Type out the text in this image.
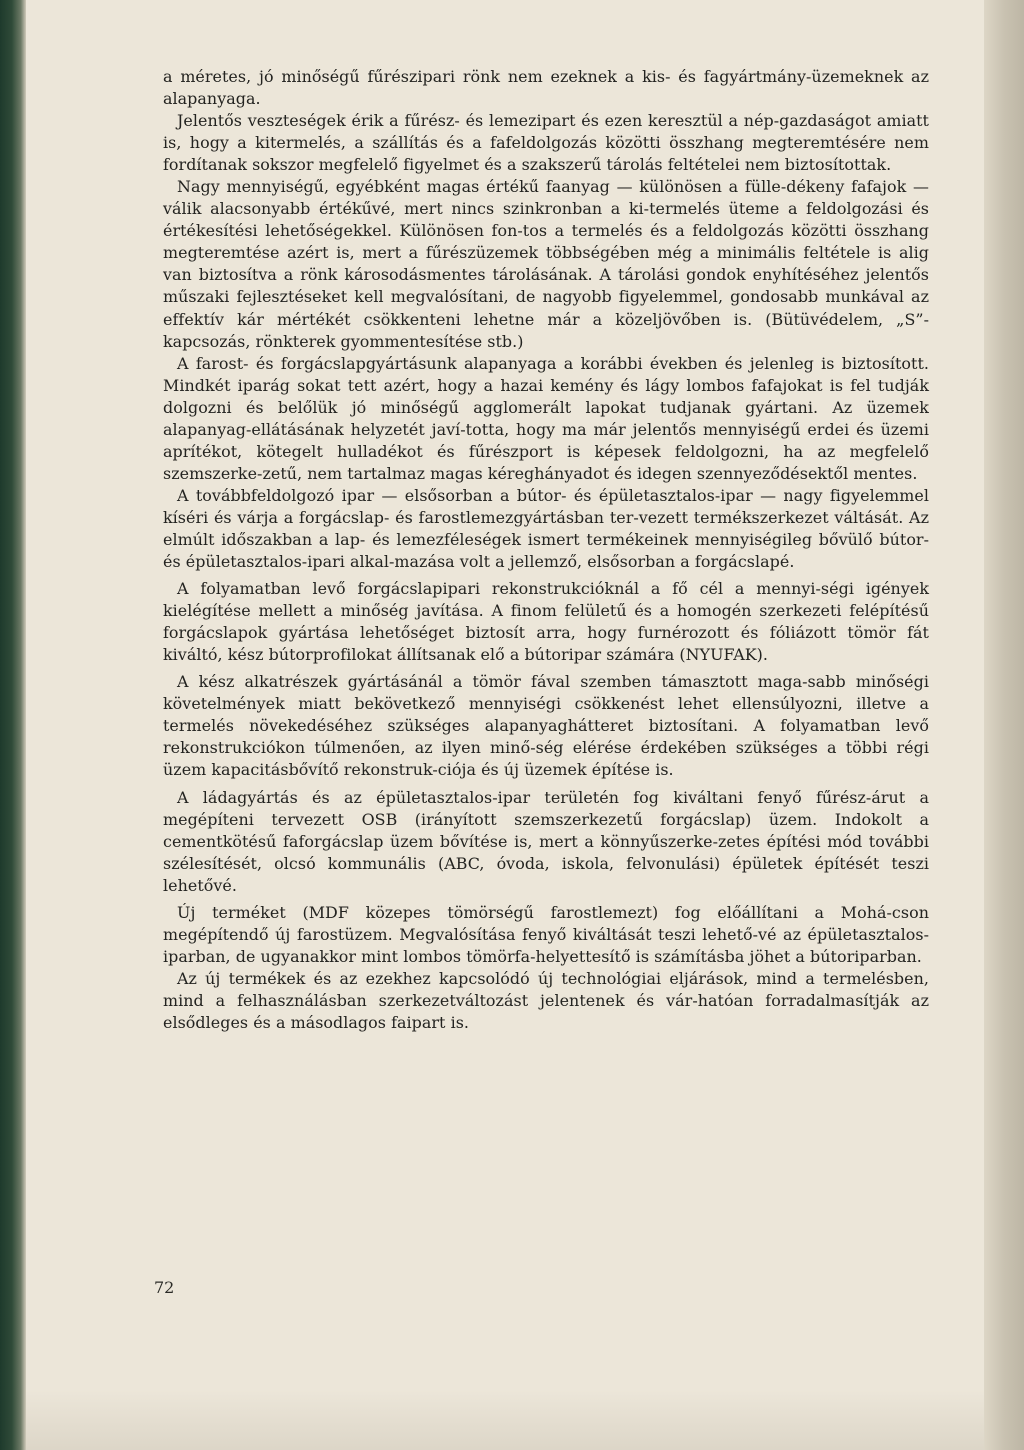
a méretes, jó minőségű fűrészipari rönk nem ezeknek a kis- és fagyártmány-üzemeknek az alapanyaga.

Jelentős veszteségek érik a fűrész- és lemezipart és ezen keresztül a nép-gazdaságot amiatt is, hogy a kitermelés, a szállítás és a fafeldolgozás közötti összhang megteremtésére nem fordítanak sokszor megfelelő figyelmet és a szakszerű tárolás feltételei nem biztosítottak.

Nagy mennyiségű, egyébként magas értékű faanyag — különösen a fülle-dékeny fafajok — válik alacsonyabb értékűvé, mert nincs szinkronban a ki-termelés üteme a feldolgozási és értékesítési lehetőségekkel. Különösen fon-tos a termelés és a feldolgozás közötti összhang megteremtése azért is, mert a fűrészüzemek többségében még a minimális feltétele is alig van biztosítva a rönk károsodásmentes tárolásának. A tárolási gondok enyhítéséhez jelentős műszaki fejlesztéseket kell megvalósítani, de nagyobb figyelemmel, gondosabb munkával az effektív kár mértékét csökkenteni lehetne már a közeljövőben is. (Bütüvédelem, „S”-kapcsozás, rönkterek gyommentesítése stb.)

A farost- és forgácslapgyártásunk alapanyaga a korábbi években és jelenleg is biztosított. Mindkét iparág sokat tett azért, hogy a hazai kemény és lágy lombos fafajokat is fel tudják dolgozni és belőlük jó minőségű agglomerált lapokat tudjanak gyártani. Az üzemek alapanyag-ellátásának helyzetét javí-totta, hogy ma már jelentős mennyiségű erdei és üzemi aprítékot, kötegelt hulladékot és fűrészport is képesek feldolgozni, ha az megfelelő szemszerke-zetű, nem tartalmaz magas kéreghányadot és idegen szennyeződésektől mentes.

A továbbfeldolgozó ipar — elsősorban a bútor- és épületasztalos-ipar — nagy figyelemmel kíséri és várja a forgácslap- és farostlemezgyártásban ter-vezett termékszerkezet váltását. Az elmúlt időszakban a lap- és lemezféleségek ismert termékeinek mennyiségileg bővülő bútor- és épületasztalos-ipari alkal-mazása volt a jellemző, elsősorban a forgácslapé.

A folyamatban levő forgácslapipari rekonstrukcióknál a fő cél a mennyi-ségi igények kielégítése mellett a minőség javítása. A finom felületű és a homogén szerkezeti felépítésű forgácslapok gyártása lehetőséget biztosít arra, hogy furnérozott és fóliázott tömör fát kiváltó, kész bútorprofilokat állítsanak elő a bútoripar számára (NYUFAK).

A kész alkatrészek gyártásánál a tömör fával szemben támasztott maga-sabb minőségi követelmények miatt bekövetkező mennyiségi csökkenést lehet ellensúlyozni, illetve a termelés növekedéséhez szükséges alapanyaghátteret biztosítani. A folyamatban levő rekonstrukciókon túlmenően, az ilyen minő-ség elérése érdekében szükséges a többi régi üzem kapacitásbővítő rekonstruk-ciója és új üzemek építése is.

A ládagyártás és az épületasztalos-ipar területén fog kiváltani fenyő fűrész-árut a megépíteni tervezett OSB (irányított szemszerkezetű forgácslap) üzem. Indokolt a cementkötésű faforgácslap üzem bővítése is, mert a könnyűszerke-zetes építési mód további szélesítését, olcsó kommunális (ABC, óvoda, iskola, felvonulási) épületek építését teszi lehetővé.

Új terméket (MDF közepes tömörségű farostlemezt) fog előállítani a Mohá-cson megépítendő új farostüzem. Megvalósítása fenyő kiváltását teszi lehető-vé az épületasztalos-iparban, de ugyanakkor mint lombos tömörfa-helyettesítő is számításba jöhet a bútoriparban.

Az új termékek és az ezekhez kapcsolódó új technológiai eljárások, mind a termelésben, mind a felhasználásban szerkezetváltozást jelentenek és vár-hatóan forradalmasítják az elsődleges és a másodlagos faipart is.

72
